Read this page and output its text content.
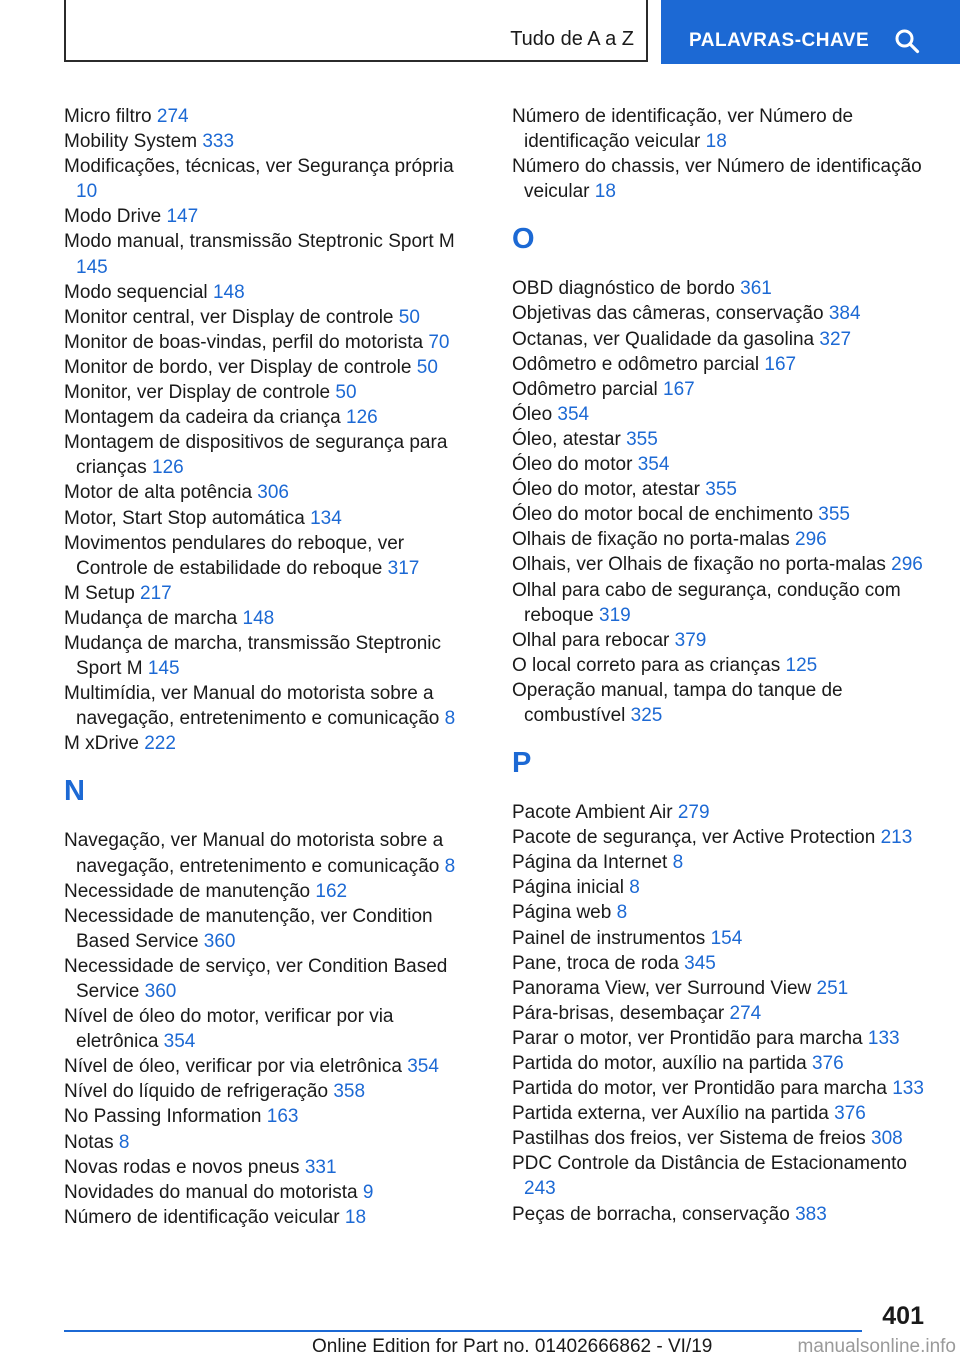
Tudo de A a Z	PALAVRAS-CHAVE
Micro filtro 274
Mobility System 333
Modificações, técnicas, ver Segurança própria 10
Modo Drive 147
Modo manual, transmissão Steptronic Sport M 145
Modo sequencial 148
Monitor central, ver Display de controle 50
Monitor de boas-vindas, perfil do motorista 70
Monitor de bordo, ver Display de controle 50
Monitor, ver Display de controle 50
Montagem da cadeira da criança 126
Montagem de dispositivos de segurança para crianças 126
Motor de alta potência 306
Motor, Start Stop automática 134
Movimentos pendulares do reboque, ver Controle de estabilidade do reboque 317
M Setup 217
Mudança de marcha 148
Mudança de marcha, transmissão Steptronic Sport M 145
Multimídia, ver Manual do motorista sobre a navegação, entretenimento e comunicação 8
M xDrive 222
N
Navegação, ver Manual do motorista sobre a navegação, entretenimento e comunicação 8
Necessidade de manutenção 162
Necessidade de manutenção, ver Condition Based Service 360
Necessidade de serviço, ver Condition Based Service 360
Nível de óleo do motor, verificar por via eletrônica 354
Nível de óleo, verificar por via eletrônica 354
Nível do líquido de refrigeração 358
No Passing Information 163
Notas 8
Novas rodas e novos pneus 331
Novidades do manual do motorista 9
Número de identificação veicular 18
Número de identificação, ver Número de identificação veicular 18
Número do chassis, ver Número de identificação veicular 18
O
OBD diagnóstico de bordo 361
Objetivas das câmeras, conservação 384
Octanas, ver Qualidade da gasolina 327
Odômetro e odômetro parcial 167
Odômetro parcial 167
Óleo 354
Óleo, atestar 355
Óleo do motor 354
Óleo do motor, atestar 355
Óleo do motor bocal de enchimento 355
Olhais de fixação no porta-malas 296
Olhais, ver Olhais de fixação no porta-malas 296
Olhal para cabo de segurança, condução com reboque 319
Olhal para rebocar 379
O local correto para as crianças 125
Operação manual, tampa do tanque de combustível 325
P
Pacote Ambient Air 279
Pacote de segurança, ver Active Protection 213
Página da Internet 8
Página inicial 8
Página web 8
Painel de instrumentos 154
Pane, troca de roda 345
Panorama View, ver Surround View 251
Pára-brisas, desembaçar 274
Parar o motor, ver Prontidão para marcha 133
Partida do motor, auxílio na partida 376
Partida do motor, ver Prontidão para marcha 133
Partida externa, ver Auxílio na partida 376
Pastilhas dos freios, ver Sistema de freios 308
PDC Controle da Distância de Estacionamento 243
Peças de borracha, conservação 383
401
Online Edition for Part no. 01402666862 - VI/19	manualsonline.info
